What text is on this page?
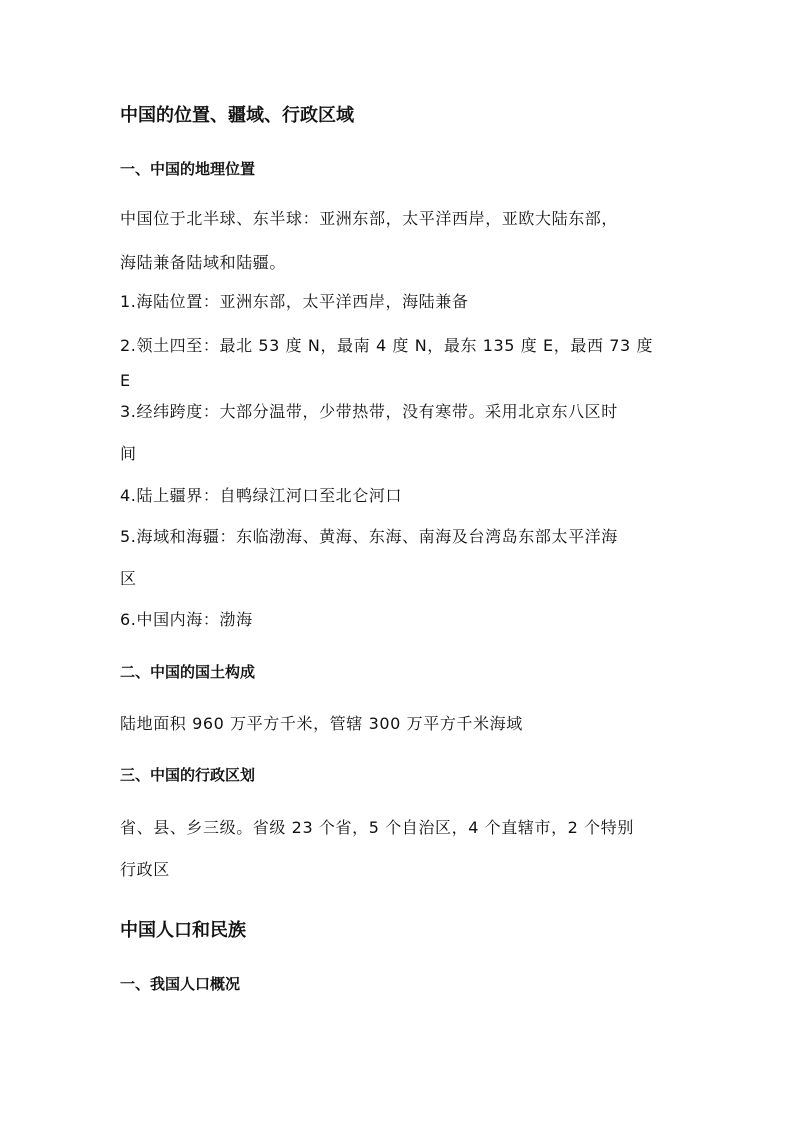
中国的位置、疆域、行政区域
一、中国的地理位置
中国位于北半球、东半球：亚洲东部，太平洋西岸，亚欧大陆东部，
海陆兼备陆域和陆疆。
1.海陆位置：亚洲东部，太平洋西岸，海陆兼备
2.领土四至：最北 53 度 N，最南 4 度 N，最东 135 度 E，最西 73 度
E
3.经纬跨度：大部分温带，少带热带，没有寒带。采用北京东八区时
间
4.陆上疆界：自鸭绿江河口至北仑河口
5.海域和海疆：东临渤海、黄海、东海、南海及台湾岛东部太平洋海
区
6.中国内海：渤海
二、中国的国土构成
陆地面积 960 万平方千米，管辖 300 万平方千米海域
三、中国的行政区划
省、县、乡三级。省级 23 个省，5 个自治区，4 个直辖市，2 个特别
行政区
中国人口和民族
一、我国人口概况
